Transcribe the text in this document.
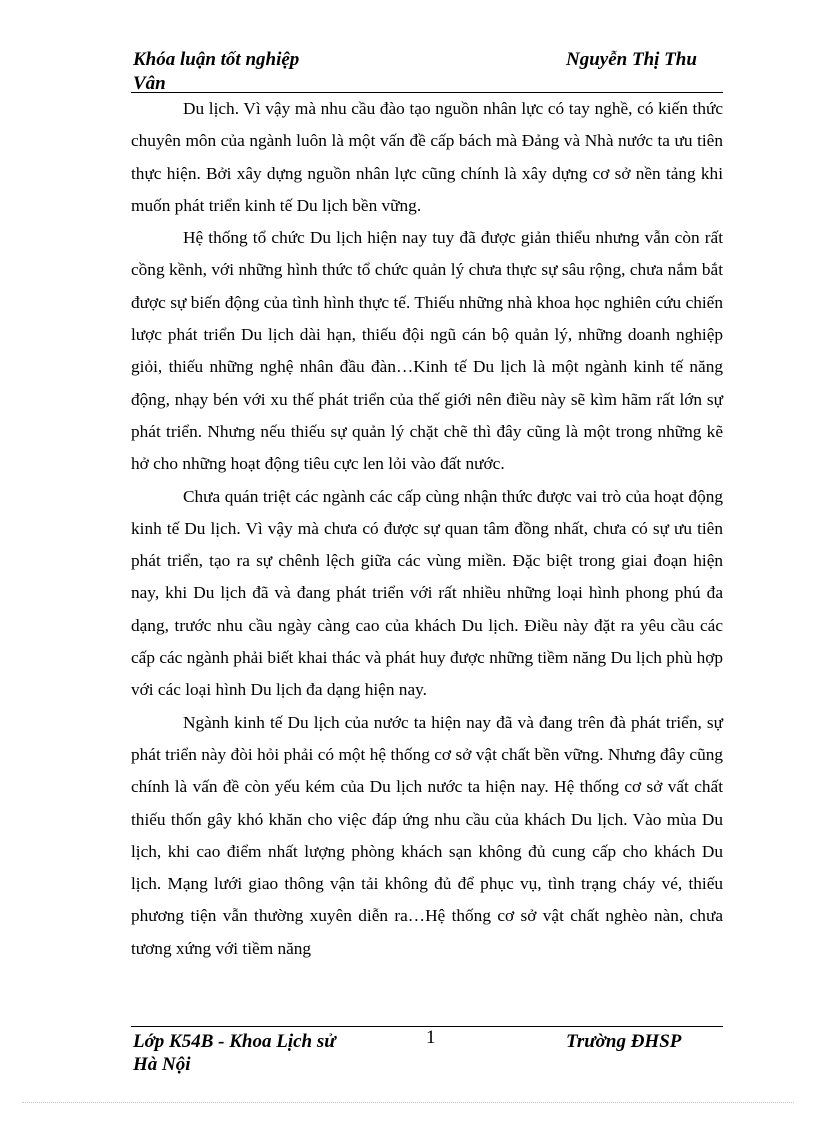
Khóa luận tốt nghiệp
Vân
Nguyễn Thị Thu

Du lịch. Vì vậy mà nhu cầu đào tạo nguồn nhân lực có tay nghề, có kiến thức chuyên môn của ngành luôn là một vấn đề cấp bách mà Đảng và Nhà nước ta ưu tiên thực hiện. Bởi xây dựng nguồn nhân lực cũng chính là xây dựng cơ sở nền tảng khi muốn phát triển kinh tế Du lịch bền vững.

Hệ thống tổ chức Du lịch hiện nay tuy đã được giản thiểu nhưng vẫn còn rất cồng kềnh, với những hình thức tổ chức quản lý chưa thực sự sâu rộng, chưa nắm bắt được sự biến động của tình hình thực tế. Thiếu những nhà khoa học nghiên cứu chiến lược phát triển Du lịch dài hạn, thiếu đội ngũ cán bộ quản lý, những doanh nghiệp giỏi, thiếu những nghệ nhân đầu đàn…Kinh tế Du lịch là một ngành kinh tế năng động, nhạy bén với xu thế phát triển của thế giới nên điều này sẽ kìm hãm rất lớn sự phát triển. Nhưng nếu thiếu sự quản lý chặt chẽ thì đây cũng là một trong những kẽ hở cho những hoạt động tiêu cực len lỏi vào đất nước.

Chưa quán triệt các ngành các cấp cùng nhận thức được vai trò của hoạt động kinh tế Du lịch. Vì vậy mà chưa có được sự quan tâm đồng nhất, chưa có sự ưu tiên phát triển, tạo ra sự chênh lệch giữa các vùng miền. Đặc biệt trong giai đoạn hiện nay, khi Du lịch đã và đang phát triển với rất nhiều những loại hình phong phú đa dạng, trước nhu cầu ngày càng cao của khách Du lịch. Điều này đặt ra yêu cầu các cấp các ngành phải biết khai thác và phát huy được những tiềm năng Du lịch phù hợp với các loại hình Du lịch đa dạng hiện nay.

Ngành kinh tế Du lịch của nước ta hiện nay đã và đang trên đà phát triển, sự phát triển này đòi hỏi phải có một hệ thống cơ sở vật chất bền vững. Nhưng đây cũng chính là vấn đề còn yếu kém của Du lịch nước ta hiện nay. Hệ thống cơ sở vất chất thiếu thốn gây khó khăn cho việc đáp ứng nhu cầu của khách Du lịch. Vào mùa Du lịch, khi cao điểm nhất lượng phòng khách sạn không đủ cung cấp cho khách Du lịch. Mạng lưới giao thông vận tải không đủ để phục vụ, tình trạng cháy vé, thiếu phương tiện vẫn thường xuyên diễn ra…Hệ thống cơ sở vật chất nghèo nàn, chưa tương xứng với tiềm năng

Lớp K54B - Khoa Lịch sử
Hà Nội
1	Trường ĐHSP
